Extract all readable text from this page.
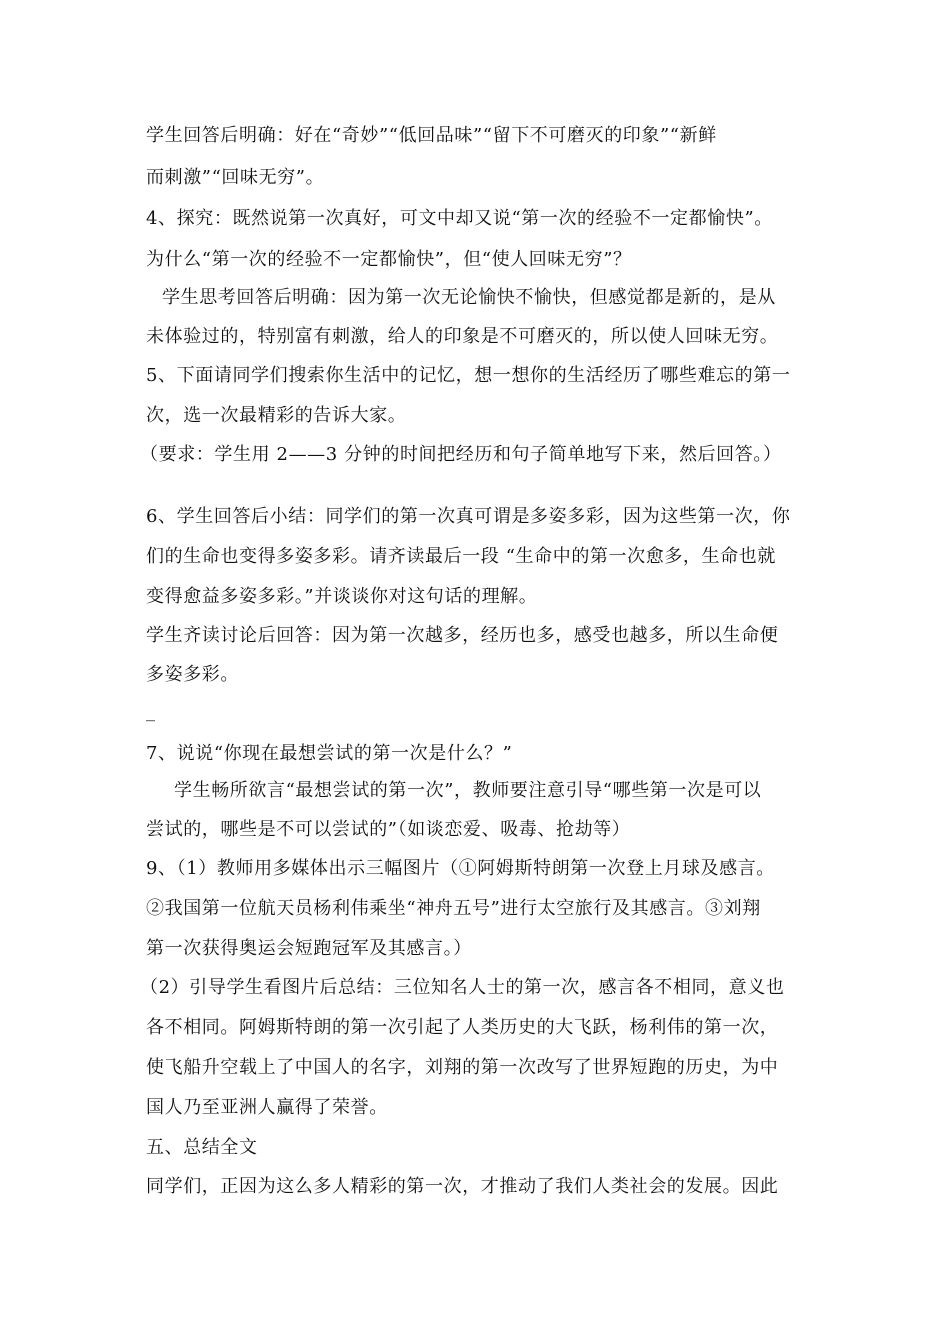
学生回答后明确：好在“奇妙”“低回品味”“留下不可磨灭的印象”“新鲜
而刺激”“回味无穷”。
4、探究：既然说第一次真好，可文中却又说“第一次的经验不一定都愉快”。
为什么“第一次的经验不一定都愉快”，但“使人回味无穷”？
学生思考回答后明确：因为第一次无论愉快不愉快，但感觉都是新的，是从
未体验过的，特别富有刺激，给人的印象是不可磨灭的，所以使人回味无穷。
5、下面请同学们搜索你生活中的记忆，想一想你的生活经历了哪些难忘的第一
次，选一次最精彩的告诉大家。
（要求：学生用 2——3 分钟的时间把经历和句子简单地写下来，然后回答。）
6、学生回答后小结：同学们的第一次真可谓是多姿多彩，因为这些第一次，你
们的生命也变得多姿多彩。请齐读最后一段 “生命中的第一次愈多，生命也就
变得愈益多姿多彩。”并谈谈你对这句话的理解。
学生齐读讨论后回答：因为第一次越多，经历也多，感受也越多，所以生命便
多姿多彩。
_
7、说说“你现在最想尝试的第一次是什么？”
学生畅所欲言“最想尝试的第一次”，教师要注意引导“哪些第一次是可以
尝试的，哪些是不可以尝试的”（如谈恋爱、吸毒、抢劫等）
9、（1）教师用多媒体出示三幅图片（①阿姆斯特朗第一次登上月球及感言。
②我国第一位航天员杨利伟乘坐“神舟五号”进行太空旅行及其感言。③刘翔
第一次获得奥运会短跑冠军及其感言。）
（2）引导学生看图片后总结：三位知名人士的第一次，感言各不相同，意义也
各不相同。阿姆斯特朗的第一次引起了人类历史的大飞跃，杨利伟的第一次，
使飞船升空载上了中国人的名字，刘翔的第一次改写了世界短跑的历史，为中
国人乃至亚洲人赢得了荣誉。
五、总结全文
同学们，正因为这么多人精彩的第一次，才推动了我们人类社会的发展。因此
